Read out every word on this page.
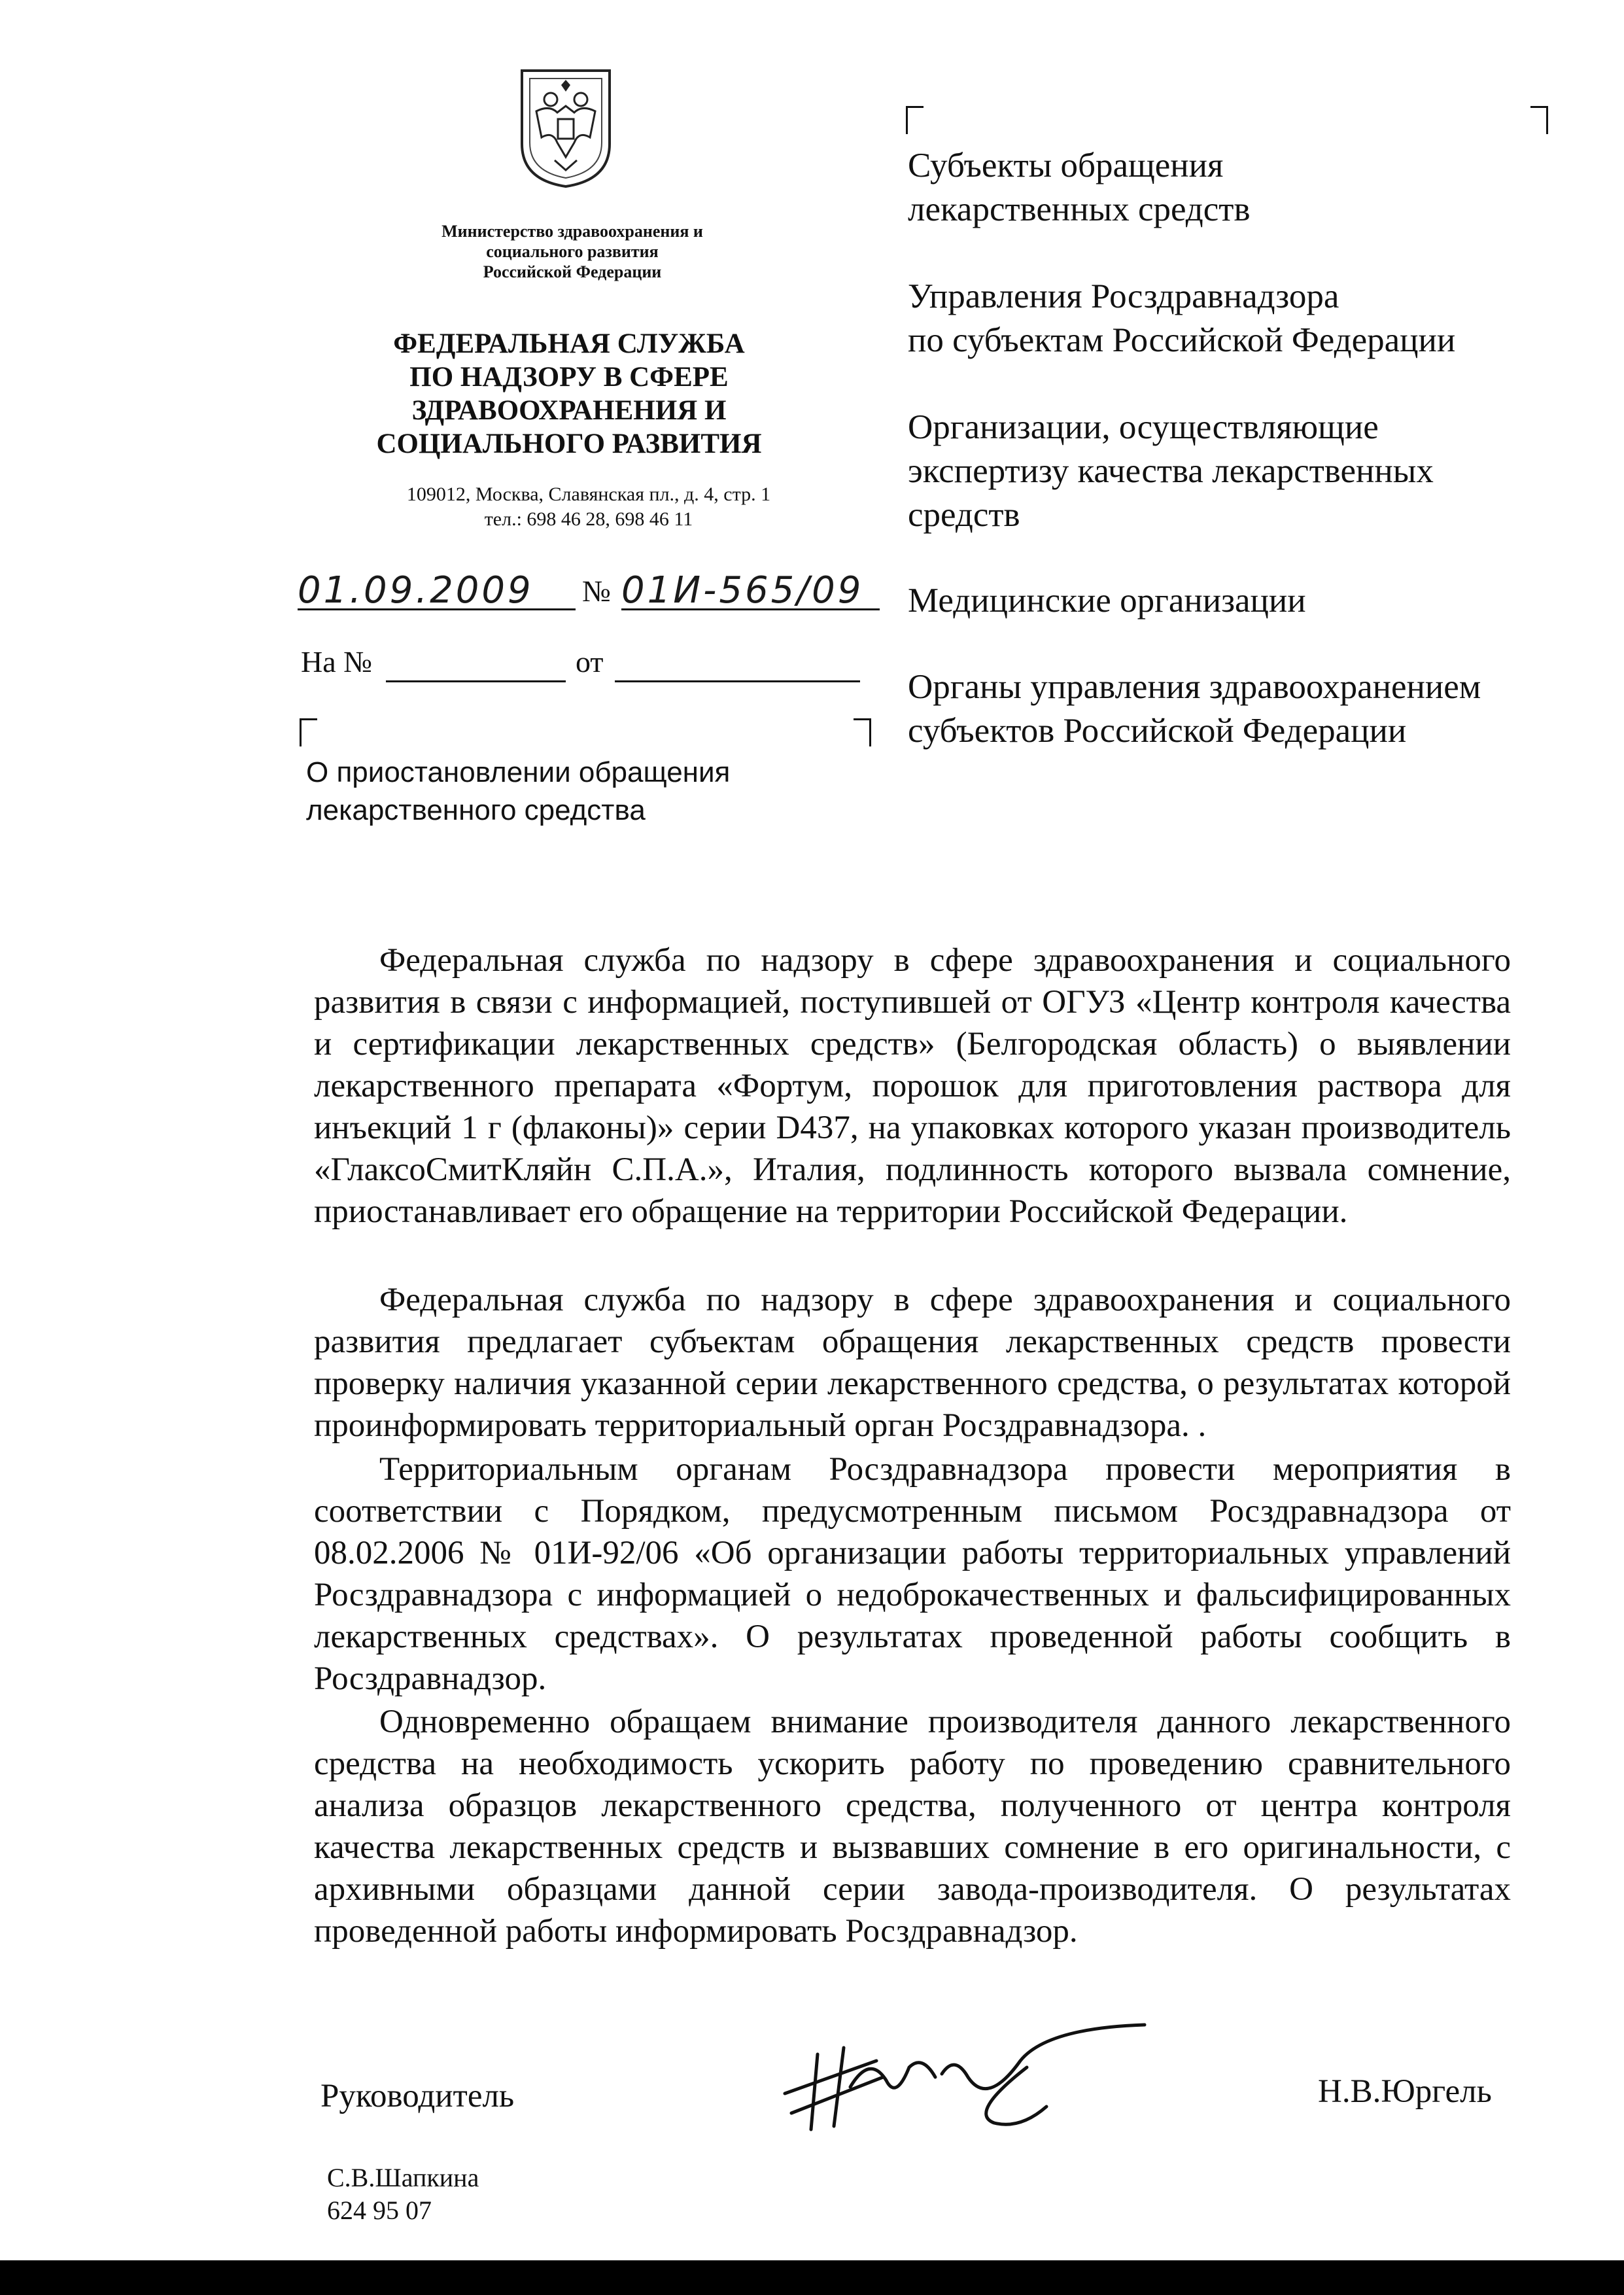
Министерство здравоохранения и
социального развития
Российской Федерации
ФЕДЕРАЛЬНАЯ СЛУЖБА
ПО НАДЗОРУ В СФЕРЕ
ЗДРАВООХРАНЕНИЯ И
СОЦИАЛЬНОГО РАЗВИТИЯ
109012, Москва, Славянская пл., д. 4, стр. 1
тел.: 698 46 28, 698 46 11
01.09.2009	№ 01И-565/09
На №	от
О приостановлении обращения
лекарственного средства
Субъекты обращения
лекарственных средств
Управления Росздравнадзора
по субъектам Российской Федерации
Организации, осуществляющие
экспертизу качества лекарственных
средств
Медицинские организации
Органы управления здравоохранением
субъектов Российской Федерации
Федеральная служба по надзору в сфере здравоохранения и социального развития в связи с информацией, поступившей от ОГУЗ «Центр контроля качества и сертификации лекарственных средств» (Белгородская область) о выявлении лекарственного препарата «Фортум, порошок для приготовления раствора для инъекций 1 г (флаконы)» серии D437, на упаковках которого указан производитель «ГлаксоСмитКляйн С.П.А.», Италия, подлинность которого вызвала сомнение, приостанавливает его обращение на территории Российской Федерации.
Федеральная служба по надзору в сфере здравоохранения и социального развития предлагает субъектам обращения лекарственных средств провести проверку наличия указанной серии лекарственного средства, о результатах которой проинформировать территориальный орган Росздравнадзора. .
Территориальным органам Росздравнадзора провести мероприятия в соответствии с Порядком, предусмотренным письмом Росздравнадзора от 08.02.2006 № 01И-92/06 «Об организации работы территориальных управлений Росздравнадзора с информацией о недоброкачественных и фальсифицированных лекарственных средствах». О результатах проведенной работы сообщить в Росздравнадзор.
Одновременно обращаем внимание производителя данного лекарственного средства на необходимость ускорить работу по проведению сравнительного анализа образцов лекарственного средства, полученного от центра контроля качества лекарственных средств и вызвавших сомнение в его оригинальности, с архивными образцами данной серии завода-производителя. О результатах проведенной работы информировать Росздравнадзор.
Руководитель	Н.В.Юргель
С.В.Шапкина
624 95 07
